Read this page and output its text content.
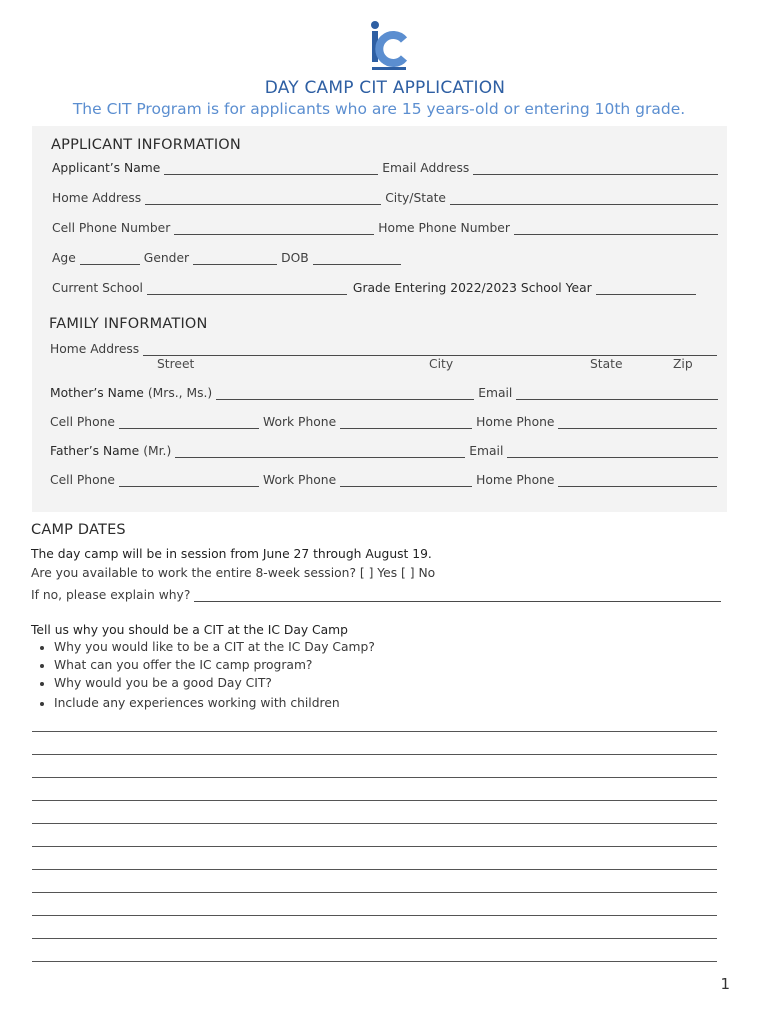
DAY CAMP CIT APPLICATION
The CIT Program is for applicants who are 15 years-old or entering 10th grade.
APPLICANT INFORMATION
Applicant’s Name	Email Address
Home Address	City/State
Cell Phone Number	Home Phone Number
Age	Gender	DOB
Current School	Grade Entering 2022/2023 School Year
FAMILY INFORMATION
Home Address
Street	City	State	Zip
Mother’s Name (Mrs., Ms.)	Email
Cell Phone	Work Phone	Home Phone
Father’s Name (Mr.)	Email
Cell Phone	Work Phone	Home Phone
CAMP DATES
The day camp will be in session from June 27 through August 19.
Are you available to work the entire 8-week session? [ ] Yes [ ] No
If no, please explain why?
Tell us why you should be a CIT at the IC Day Camp
• Why you would like to be a CIT at the IC Day Camp?
• What can you offer the IC camp program?
• Why would you be a good Day CIT?
• Include any experiences working with children
1
